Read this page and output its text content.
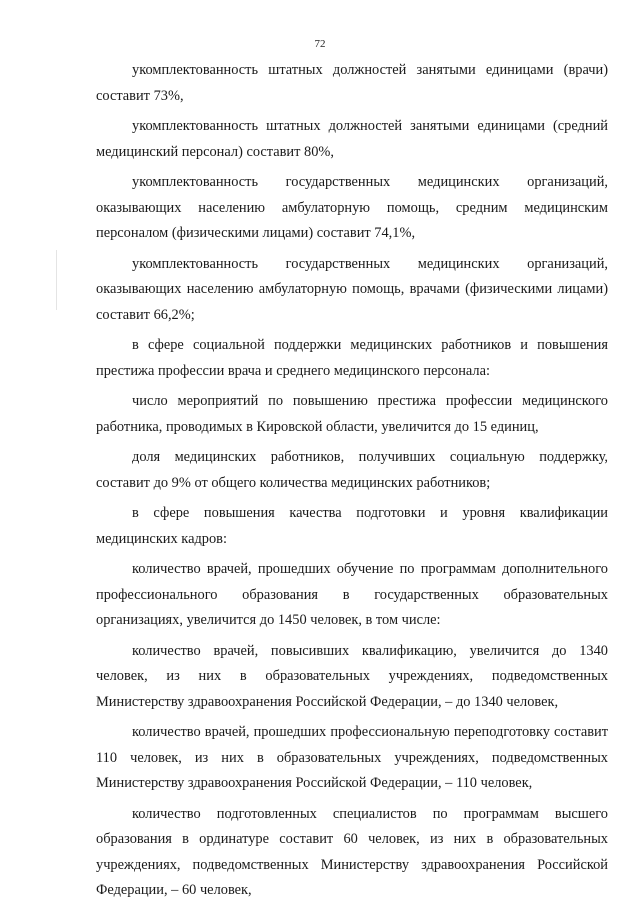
72

укомплектованность штатных должностей занятыми единицами (врачи) составит 73%,

укомплектованность штатных должностей занятыми единицами (средний медицинский персонал) составит 80%,

укомплектованность государственных медицинских организаций, оказывающих населению амбулаторную помощь, средним медицинским персоналом (физическими лицами) составит 74,1%,

укомплектованность государственных медицинских организаций, оказывающих населению амбулаторную помощь, врачами (физическими лицами) составит 66,2%;

в сфере социальной поддержки медицинских работников и повышения престижа профессии врача и среднего медицинского персонала:

число мероприятий по повышению престижа профессии медицинского работника, проводимых в Кировской области, увеличится до 15 единиц,

доля медицинских работников, получивших социальную поддержку, составит до 9% от общего количества медицинских работников;

в сфере повышения качества подготовки и уровня квалификации медицинских кадров:

количество врачей, прошедших обучение по программам дополнительного профессионального образования в государственных образовательных организациях, увеличится до 1450 человек, в том числе:

количество врачей, повысивших квалификацию, увеличится до 1340 человек, из них в образовательных учреждениях, подведомственных Министерству здравоохранения Российской Федерации, – до 1340 человек,

количество врачей, прошедших профессиональную переподготовку составит 110 человек, из них в образовательных учреждениях, подведомственных Министерству здравоохранения Российской Федерации, – 110 человек,

количество подготовленных специалистов по программам высшего образования в ординатуре составит 60 человек, из них в образовательных учреждениях, подведомственных Министерству здравоохранения Российской Федерации, – 60 человек,
